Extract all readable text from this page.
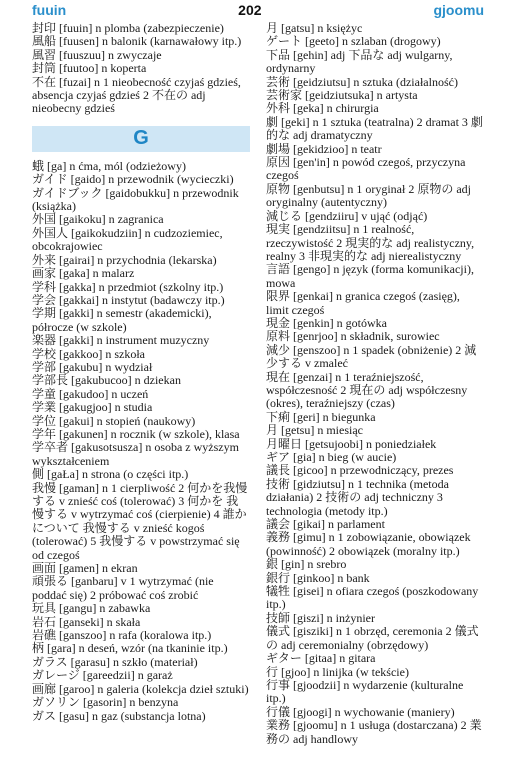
fuuin	202	gjoomu

封印 [fuuin] n plomba (zabezpieczenie)

風船 [fuusen] n balonik (karnawałowy itp.)

風習 [fuuszuu] n zwyczaje

封筒 [fuutoo] n koperta

不在 [fuzai] n 1 nieobecność czyjaś gdzieś, absencja czyjaś gdzieś 2 不在の adj nieobecny gdzieś

G

蛾 [ga] n ćma, mól (odzieżowy)

ガイド [gaido] n przewodnik (wycieczki)

ガイドブック [gaidobukku] n przewodnik (książka)

外国 [gaikoku] n zagranica

外国人 [gaikokudziin] n cudzoziemiec, obcokrajowiec

外来 [gairai] n przychodnia (lekarska)

画家 [gaka] n malarz

学科 [gakka] n przedmiot (szkolny itp.)

学会 [gakkai] n instytut (badawczy itp.)

学期 [gakki] n semestr (akademicki), półrocze (w szkole)

楽器 [gakki] n instrument muzyczny

学校 [gakkoo] n szkoła

学部 [gakubu] n wydział

学部長 [gakubucoo] n dziekan

学童 [gakudoo] n uczeń

学業 [gakugjoo] n studia

学位 [gakui] n stopień (naukowy)

学年 [gakunen] n rocznik (w szkole), klasa

学卒者 [gakusotsusza] n osoba z wyższym wykształceniem

側 [gaŁa] n strona (o części itp.)

我慢 [gaman] n 1 cierpliwość 2 何かを我慢する v znieść coś (tolerować) 3 何かを 我慢する v wytrzymać coś (cierpienie) 4 誰かについて 我慢する v znieść kogoś (tolerować) 5 我慢する v powstrzymać się od czegoś

画面 [gamen] n ekran

頑張る [ganbaru] v 1 wytrzymać (nie poddać się) 2 próbować coś zrobić

玩具 [gangu] n zabawka

岩石 [ganseki] n skała

岩礁 [ganszoo] n rafa (koralowa itp.)

柄 [gara] n deseń, wzór (na tkaninie itp.)

ガラス [garasu] n szkło (materiał)

ガレージ [gareedzii] n garaż

画廊 [garoo] n galeria (kolekcja dzieł sztuki)

ガソリン [gasorin] n benzyna

ガス [gasu] n gaz (substancja lotna)

月 [gatsu] n księżyc

ゲート [geeto] n szlaban (drogowy)

下品 [gehin] adj 下品な adj wulgarny, ordynarny

芸術 [geidziutsu] n sztuka (działalność)

芸術家 [geidziutsuka] n artysta

外科 [geka] n chirurgia

劇 [geki] n 1 sztuka (teatralna) 2 dramat 3 劇的な adj dramatyczny

劇場 [gekidzioo] n teatr

原因 [gen'in] n powód czegoś, przyczyna czegoś

原物 [genbutsu] n 1 oryginał 2 原物の adj oryginalny (autentyczny)

減じる [gendziiru] v ująć (odjąć)

現実 [gendziitsu] n 1 realność, rzeczywistość 2 現実的な adj realistyczny, realny 3 非現実的な adj nierealistyczny

言語 [gengo] n język (forma komunikacji), mowa

限界 [genkai] n granica czegoś (zasięg), limit czegoś

現金 [genkin] n gotówka

原料 [genrjoo] n składnik, surowiec

減少 [genszoo] n 1 spadek (obniżenie) 2 減少する v zmaleć

現在 [genzai] n 1 teraźniejszość, współczesność 2 現在の adj współczesny (okres), teraźniejszy (czas)

下痢 [geri] n biegunka

月 [getsu] n miesiąc

月曜日 [getsujoobi] n poniedziałek

ギア [gia] n bieg (w aucie)

議長 [gicoo] n przewodniczący, prezes

技術 [gidziutsu] n 1 technika (metoda działania) 2 技術の adj techniczny 3 technologia (metody itp.)

議会 [gikai] n parlament

義務 [gimu] n 1 zobowiązanie, obowiązek (powinność) 2 obowiązek (moralny itp.)

銀 [gin] n srebro

銀行 [ginkoo] n bank

犠牲 [gisei] n ofiara czegoś (poszkodowany itp.)

技師 [giszi] n inżynier

儀式 [gisziki] n 1 obrzęd, ceremonia 2 儀式の adj ceremonialny (obrzędowy)

ギター [gitaa] n gitara

行 [gjoo] n linijka (w tekście)

行事 [gjoodzii] n wydarzenie (kulturalne itp.)

行儀 [gjoogi] n wychowanie (maniery)

業務 [gjoomu] n 1 usługa (dostarczana) 2 業務の adj handlowy
